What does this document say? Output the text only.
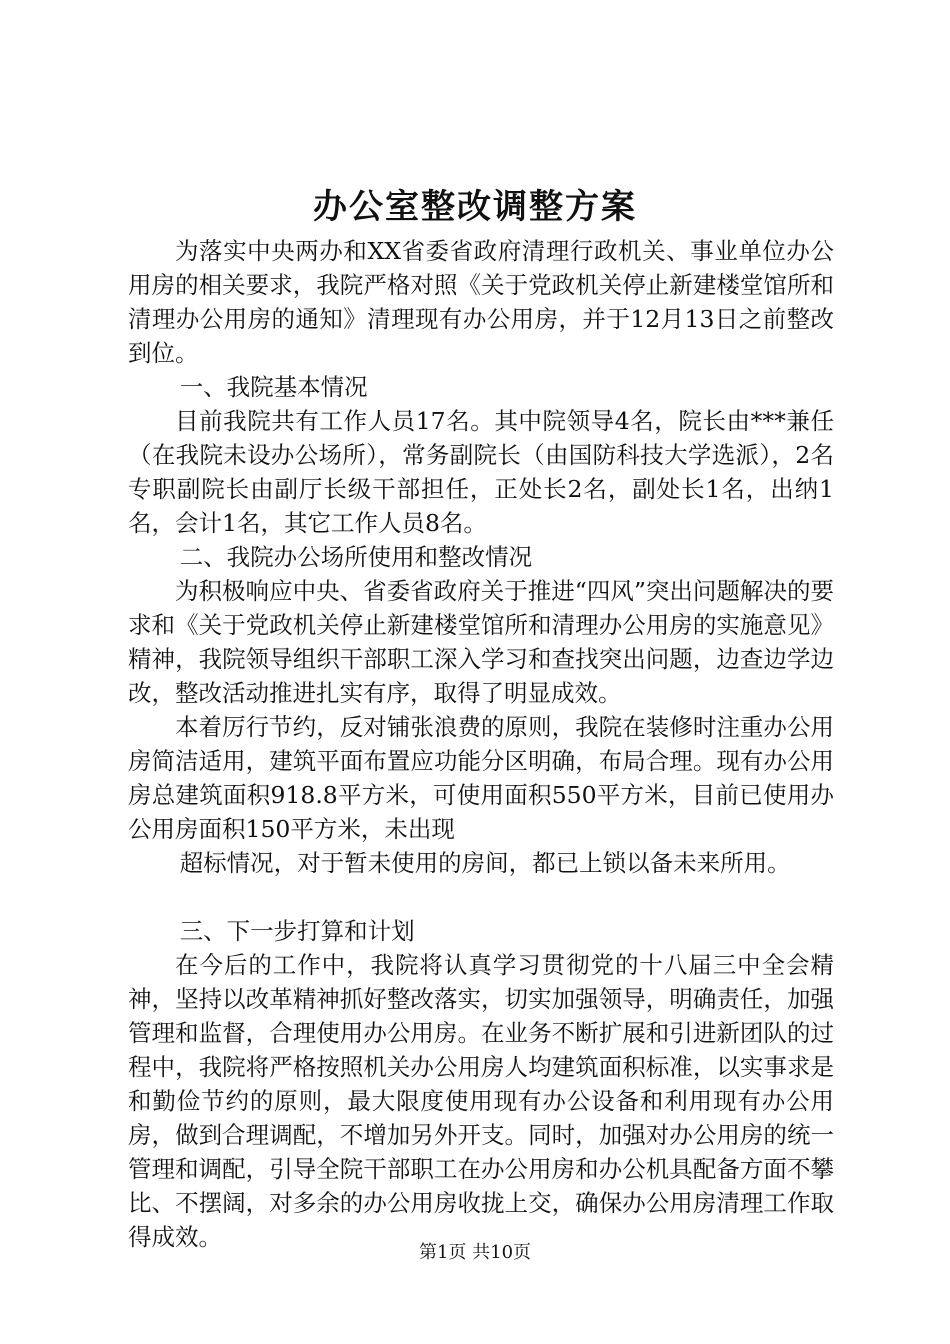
办公室整改调整方案

为落实中央两办和XX省委省政府清理行政机关、事业单位办公用房的相关要求，我院严格对照《关于党政机关停止新建楼堂馆所和清理办公用房的通知》清理现有办公用房，并于12月13日之前整改到位。

一、我院基本情况

目前我院共有工作人员17名。其中院领导4名，院长由***兼任（在我院未设办公场所），常务副院长（由国防科技大学选派），2名专职副院长由副厅长级干部担任，正处长2名，副处长1名，出纳1名，会计1名，其它工作人员8名。

二、我院办公场所使用和整改情况

为积极响应中央、省委省政府关于推进“四风”突出问题解决的要求和《关于党政机关停止新建楼堂馆所和清理办公用房的实施意见》精神，我院领导组织干部职工深入学习和查找突出问题，边查边学边改，整改活动推进扎实有序，取得了明显成效。

本着厉行节约，反对铺张浪费的原则，我院在装修时注重办公用房简洁适用，建筑平面布置应功能分区明确，布局合理。现有办公用房总建筑面积918.8平方米，可使用面积550平方米，目前已使用办公用房面积150平方米，未出现

超标情况，对于暂未使用的房间，都已上锁以备未来所用。

三、下一步打算和计划

在今后的工作中，我院将认真学习贯彻党的十八届三中全会精神，坚持以改革精神抓好整改落实，切实加强领导，明确责任，加强管理和监督，合理使用办公用房。在业务不断扩展和引进新团队的过程中，我院将严格按照机关办公用房人均建筑面积标准，以实事求是和勤俭节约的原则，最大限度使用现有办公设备和利用现有办公用房，做到合理调配，不增加另外开支。同时，加强对办公用房的统一管理和调配，引导全院干部职工在办公用房和办公机具配备方面不攀比、不摆阔，对多余的办公用房收拢上交，确保办公用房清理工作取得成效。

第1页 共10页
